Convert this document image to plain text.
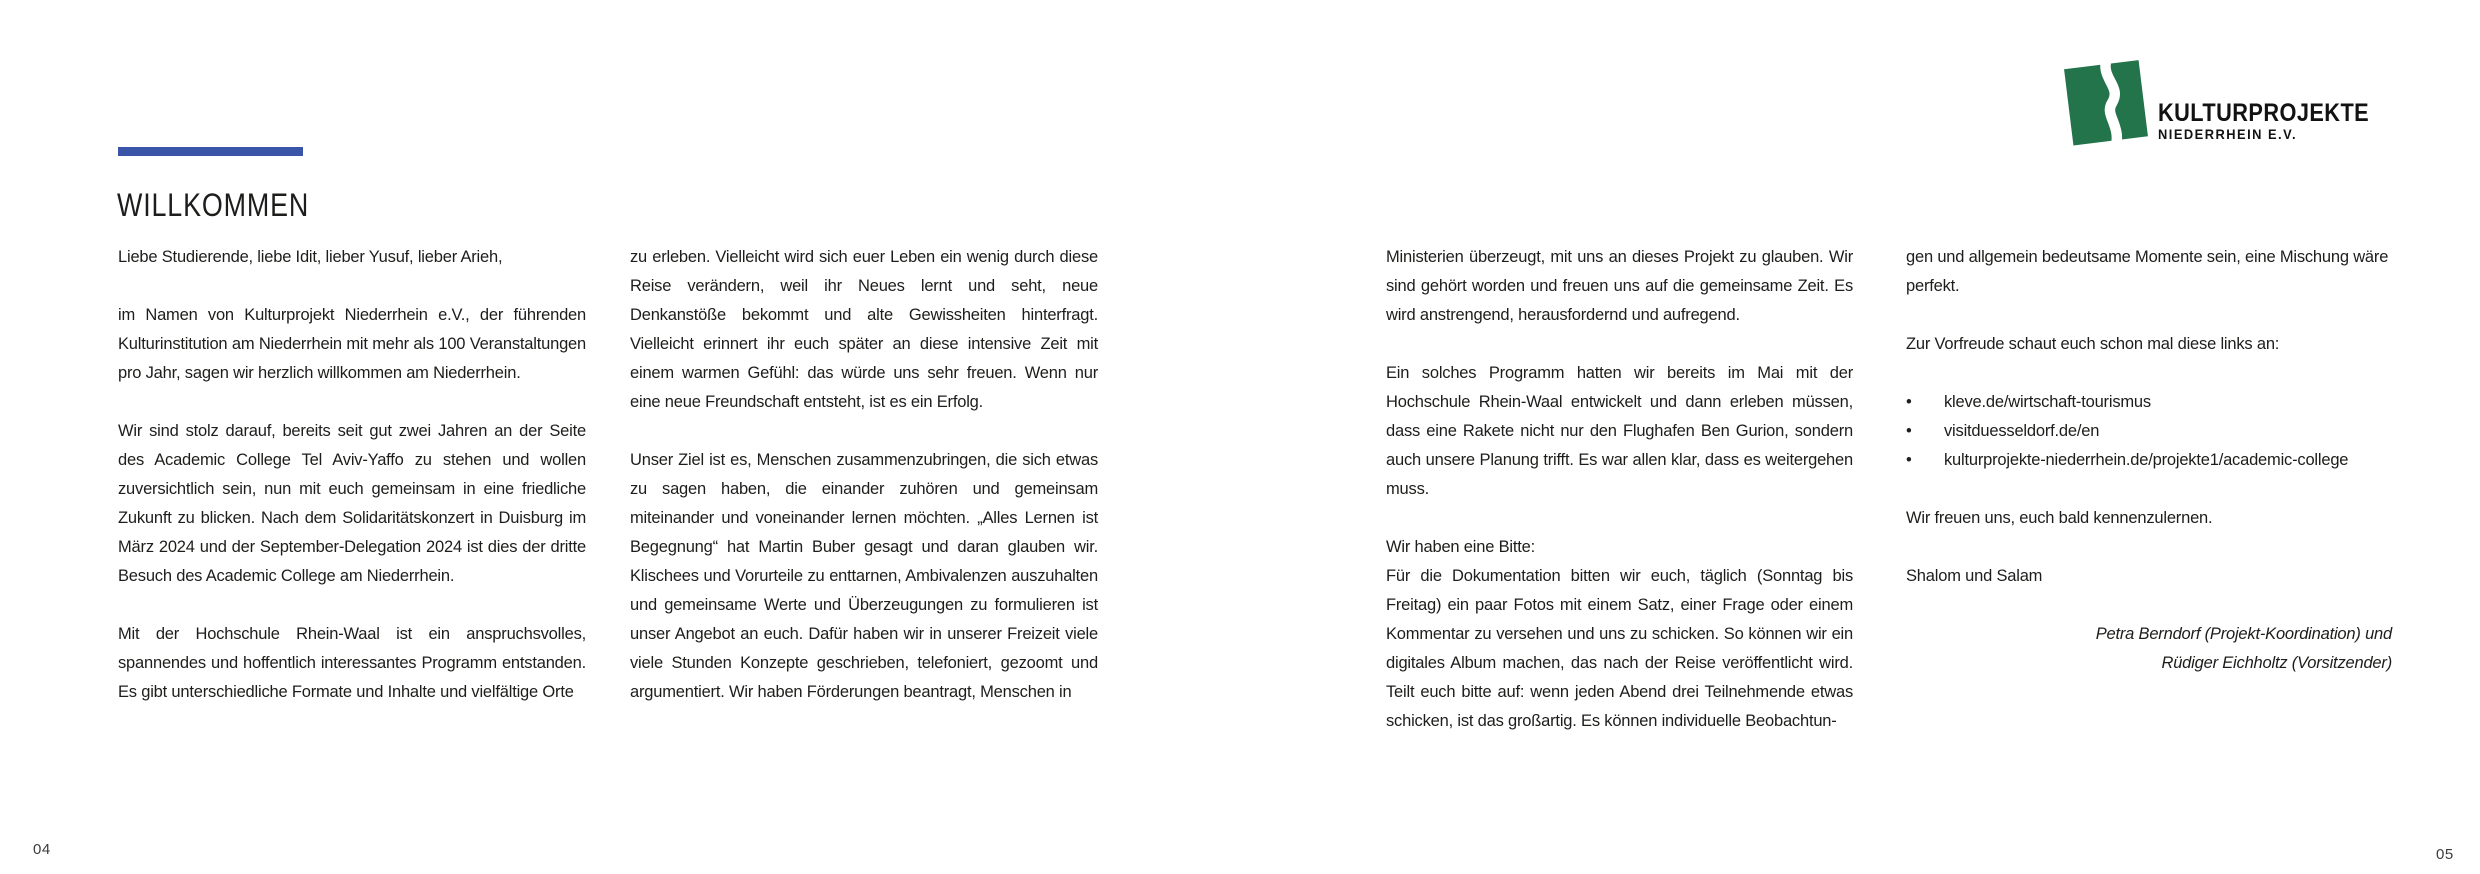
WILLKOMMEN
KULTURPROJEKTE
NIEDERRHEIN E.V.

Liebe Studierende, liebe Idit, lieber Yusuf, lieber Arieh,

im Namen von Kulturprojekt Niederrhein e.V., der führenden Kulturinstitution am Niederrhein mit mehr als 100 Veranstaltungen pro Jahr, sagen wir herzlich willkommen am Niederrhein.

Wir sind stolz darauf, bereits seit gut zwei Jahren an der Seite des Academic College Tel Aviv-Yaffo zu stehen und wollen zuversichtlich sein, nun mit euch gemeinsam in eine friedliche Zukunft zu blicken. Nach dem Solidaritätskonzert in Duisburg im März 2024 und der September-Delegation 2024 ist dies der dritte Besuch des Academic College am Niederrhein.

Mit der Hochschule Rhein-Waal ist ein anspruchsvolles, spannendes und hoffentlich interessantes Programm entstanden. Es gibt unterschiedliche Formate und Inhalte und vielfältige Orte

zu erleben. Vielleicht wird sich euer Leben ein wenig durch diese Reise verändern, weil ihr Neues lernt und seht, neue Denkanstöße bekommt und alte Gewissheiten hinterfragt. Vielleicht erinnert ihr euch später an diese intensive Zeit mit einem warmen Gefühl: das würde uns sehr freuen. Wenn nur eine neue Freundschaft entsteht, ist es ein Erfolg.

Unser Ziel ist es, Menschen zusammenzubringen, die sich etwas zu sagen haben, die einander zuhören und gemeinsam miteinander und voneinander lernen möchten. „Alles Lernen ist Begegnung“ hat Martin Buber gesagt und daran glauben wir. Klischees und Vorurteile zu enttarnen, Ambivalenzen auszuhalten und gemeinsame Werte und Überzeugungen zu formulieren ist unser Angebot an euch. Dafür haben wir in unserer Freizeit viele viele Stunden Konzepte geschrieben, telefoniert, gezoomt und argumentiert. Wir haben Förderungen beantragt, Menschen in

Ministerien überzeugt, mit uns an dieses Projekt zu glauben. Wir sind gehört worden und freuen uns auf die gemeinsame Zeit. Es wird anstrengend, herausfordernd und aufregend.

Ein solches Programm hatten wir bereits im Mai mit der Hochschule Rhein-Waal entwickelt und dann erleben müssen, dass eine Rakete nicht nur den Flughafen Ben Gurion, sondern auch unsere Planung trifft. Es war allen klar, dass es weitergehen muss.

Wir haben eine Bitte:

Für die Dokumentation bitten wir euch, täglich (Sonntag bis Freitag) ein paar Fotos mit einem Satz, einer Frage oder einem Kommentar zu versehen und uns zu schicken. So können wir ein digitales Album machen, das nach der Reise veröffentlicht wird. Teilt euch bitte auf: wenn jeden Abend drei Teilnehmende etwas schicken, ist das großartig. Es können individuelle Beobachtun-

gen und allgemein bedeutsame Momente sein, eine Mischung wäre perfekt.

Zur Vorfreude schaut euch schon mal diese links an:

•	kleve.de/wirtschaft-tourismus
•	visitduesseldorf.de/en
•	kulturprojekte-niederrhein.de/projekte1/academic-college

Wir freuen uns, euch bald kennenzulernen.

Shalom und Salam

Petra Berndorf (Projekt-Koordination) und
Rüdiger Eichholtz (Vorsitzender)
04	05
